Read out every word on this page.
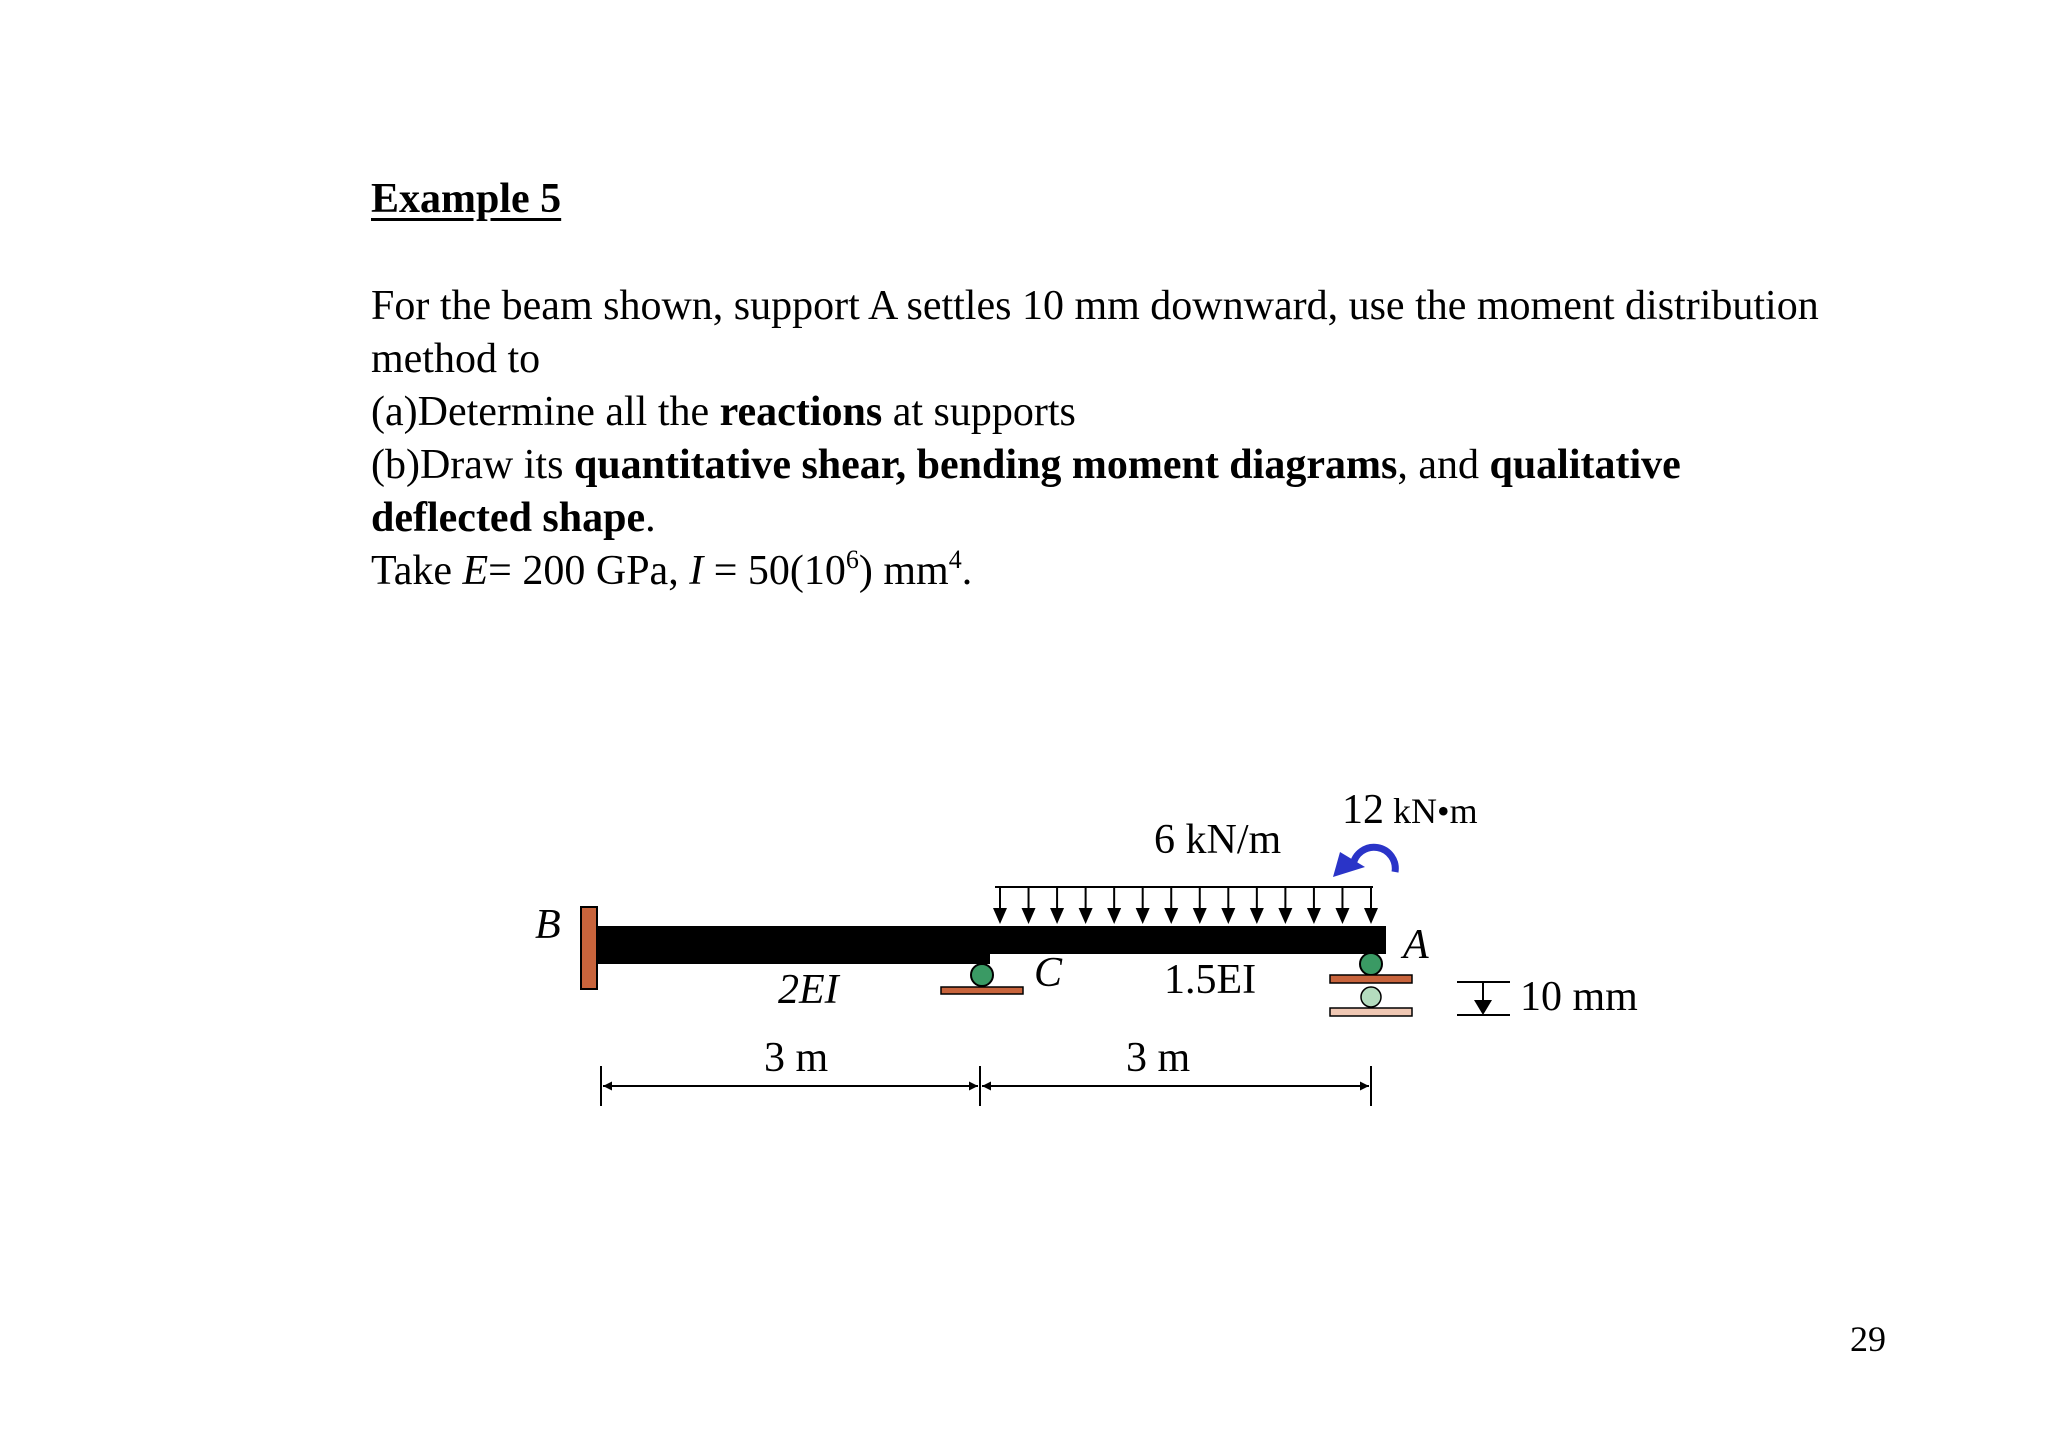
Example 5

For the beam shown, support A settles 10 mm downward, use the moment distribution method to

(a)Determine all the reactions at supports

(b)Draw its quantitative shear, bending moment diagrams, and qualitative deflected shape.

Take E= 200 GPa, $I = 50(10^6)$ $mm^4$.

B
C
A
6 kN/m
12 kN•m
2EI	1.5EI	10 mm
3 m	3 m
29
